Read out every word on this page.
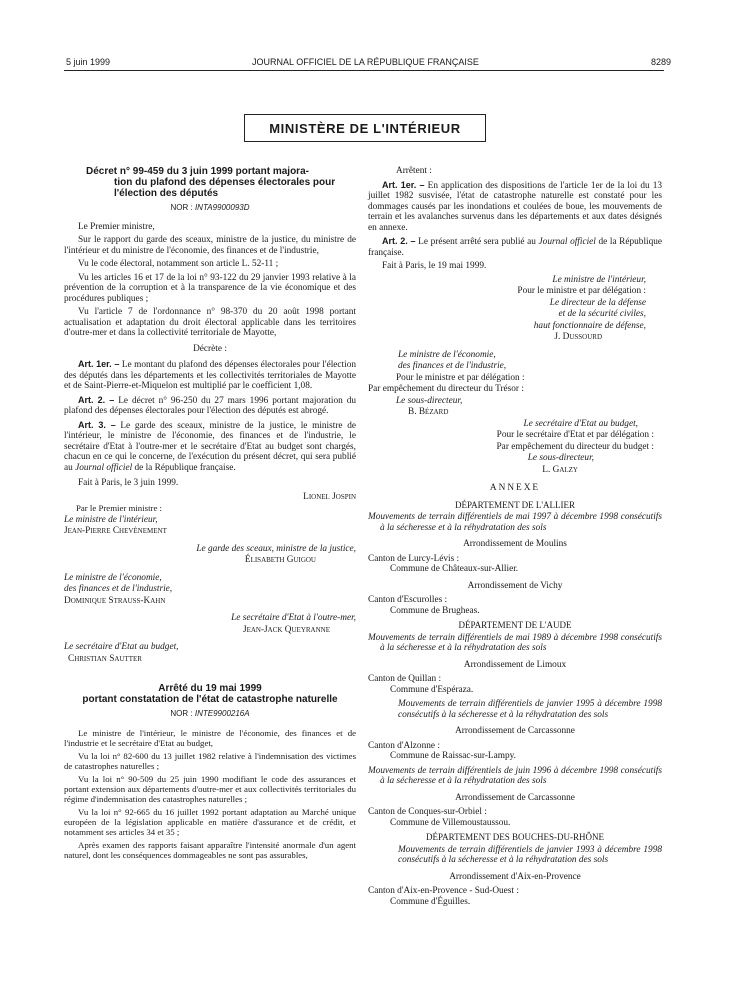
JOURNAL OFFICIEL DE LA RÉPUBLIQUE FRANÇAISE
5 juin 1999	8289
MINISTÈRE DE L'INTÉRIEUR
Décret n° 99-459 du 3 juin 1999 portant majora-
tion du plafond des dépenses électorales pour
l'élection des députés
NOR : INTA9900093D

Le Premier ministre,

Sur le rapport du garde des sceaux, ministre de la justice, du ministre de l'intérieur et du ministre de l'économie, des finances et de l'industrie,

Vu le code électoral, notamment son article L. 52-11 ;

Vu les articles 16 et 17 de la loi n° 93-122 du 29 janvier 1993 relative à la prévention de la corruption et à la transparence de la vie économique et des procédures publiques ;

Vu l'article 7 de l'ordonnance n° 98-370 du 20 août 1998 portant actualisation et adaptation du droit électoral applicable dans les territoires d'outre-mer et dans la collectivité territoriale de Mayotte,

Décrète :

Art. 1er. – Le montant du plafond des dépenses électorales pour l'élection des députés dans les départements et les collectivités territoriales de Mayotte et de Saint-Pierre-et-Miquelon est multiplié par le coefficient 1,08.

Art. 2. – Le décret n° 96-250 du 27 mars 1996 portant majoration du plafond des dépenses électorales pour l'élection des députés est abrogé.

Art. 3. – Le garde des sceaux, ministre de la justice, le ministre de l'intérieur, le ministre de l'économie, des finances et de l'industrie, le secrétaire d'Etat à l'outre-mer et le secrétaire d'Etat au budget sont chargés, chacun en ce qui le concerne, de l'exécution du présent décret, qui sera publié au Journal officiel de la République française.

Fait à Paris, le 3 juin 1999.

Lionel Jospin
Par le Premier ministre :
Le ministre de l'intérieur,
Jean-Pierre Chevènement
Le garde des sceaux, ministre de la justice,
Élisabeth Guigou
Le ministre de l'économie,
des finances et de l'industrie,
Dominique Strauss-Kahn
Le secrétaire d'Etat à l'outre-mer,
Jean-Jack Queyranne
Le secrétaire d'Etat au budget,
Christian Sautter
Arrêté du 19 mai 1999
portant constatation de l'état de catastrophe naturelle
NOR : INTE9900216A

Le ministre de l'intérieur, le ministre de l'économie, des finances et de l'industrie et le secrétaire d'Etat au budget,

Vu la loi n° 82-600 du 13 juillet 1982 relative à l'indemnisation des victimes de catastrophes naturelles ;

Vu la loi n° 90-509 du 25 juin 1990 modifiant le code des assurances et portant extension aux départements d'outre-mer et aux collectivités territoriales du régime d'indemnisation des catastrophes naturelles ;

Vu la loi n° 92-665 du 16 juillet 1992 portant adaptation au Marché unique européen de la législation applicable en matière d'assurance et de crédit, et notamment ses articles 34 et 35 ;

Après examen des rapports faisant apparaître l'intensité anormale d'un agent naturel, dont les conséquences dommageables ne sont pas assurables,

Arrêtent :

Art. 1er. – En application des dispositions de l'article 1er de la loi du 13 juillet 1982 susvisée, l'état de catastrophe naturelle est constaté pour les dommages causés par les inondations et coulées de boue, les mouvements de terrain et les avalanches survenus dans les départements et aux dates désignés en annexe.

Art. 2. – Le présent arrêté sera publié au Journal officiel de la République française.

Fait à Paris, le 19 mai 1999.

Le ministre de l'intérieur,
Pour le ministre et par délégation :
Le directeur de la défense
et de la sécurité civiles,
haut fonctionnaire de défense,
J. Dussourd
Le ministre de l'économie,
des finances et de l'industrie,
Pour le ministre et par délégation :
Par empêchement du directeur du Trésor :
Le sous-directeur,
B. Bézard
Le secrétaire d'Etat au budget,
Pour le secrétaire d'Etat et par délégation :
Par empêchement du directeur du budget :
Le sous-directeur,
L. Galzy
ANNEXE
DÉPARTEMENT DE L'ALLIER

Mouvements de terrain différentiels de mai 1997 à décembre 1998 consécutifs à la sécheresse et à la réhydratation des sols

Arrondissement de Moulins

Canton de Lurcy-Lévis :

Commune de Châteaux-sur-Allier.

Arrondissement de Vichy

Canton d'Escurolles :

Commune de Brugheas.

DÉPARTEMENT DE L'AUDE

Mouvements de terrain différentiels de mai 1989 à décembre 1998 consécutifs à la sécheresse et à la réhydratation des sols

Arrondissement de Limoux

Canton de Quillan :

Commune d'Espéraza.

Mouvements de terrain différentiels de janvier 1995 à décembre 1998 consécutifs à la sécheresse et à la réhydratation des sols

Arrondissement de Carcassonne

Canton d'Alzonne :

Commune de Raissac-sur-Lampy.

Mouvements de terrain différentiels de juin 1996 à décembre 1998 consécutifs à la sécheresse et à la réhydratation des sols

Arrondissement de Carcassonne

Canton de Conques-sur-Orbiel :

Commune de Villemoustaussou.

DÉPARTEMENT DES BOUCHES-DU-RHÔNE

Mouvements de terrain différentiels de janvier 1993 à décembre 1998 consécutifs à la sécheresse et à la réhydratation des sols

Arrondissement d'Aix-en-Provence

Canton d'Aix-en-Provence - Sud-Ouest :

Commune d'Éguilles.
